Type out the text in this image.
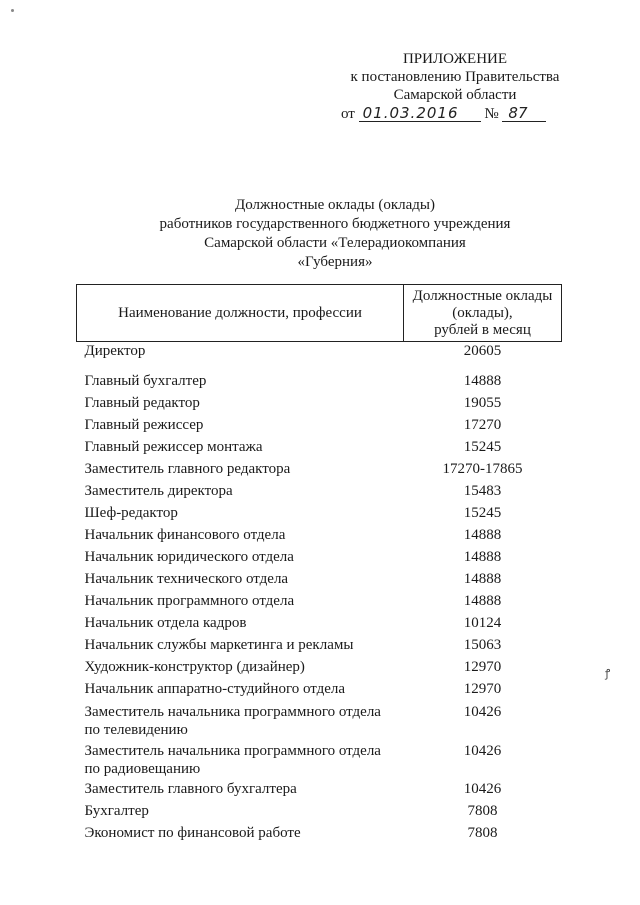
ꝭ
ПРИЛОЖЕНИЕ
к постановлению Правительства
Самарской области
от 01.03.2016 № 87
Должностные оклады (оклады)
работников государственного бюджетного учреждения
Самарской области «Телерадиокомпания
«Губерния»
Наименование должности, профессии	Должностные оклады
(оклады),
рублей в месяц

Директор	20605

Главный бухгалтер	14888
Главный редактор	19055
Главный режиссер	17270
Главный режиссер монтажа	15245
Заместитель главного редактора	17270-17865
Заместитель директора	15483
Шеф-редактор	15245
Начальник финансового отдела	14888
Начальник юридического отдела	14888
Начальник технического отдела	14888
Начальник программного отдела	14888
Начальник отдела кадров	10124
Начальник службы маркетинга и рекламы	15063
Художник-конструктор (дизайнер)	12970
Начальник аппаратно-студийного отдела	12970
Заместитель начальника программного отдела по телевидению	10426
Заместитель начальника программного отдела по радиовещанию	10426
Заместитель главного бухгалтера	10426
Бухгалтер	7808
Экономист по финансовой работе	7808
